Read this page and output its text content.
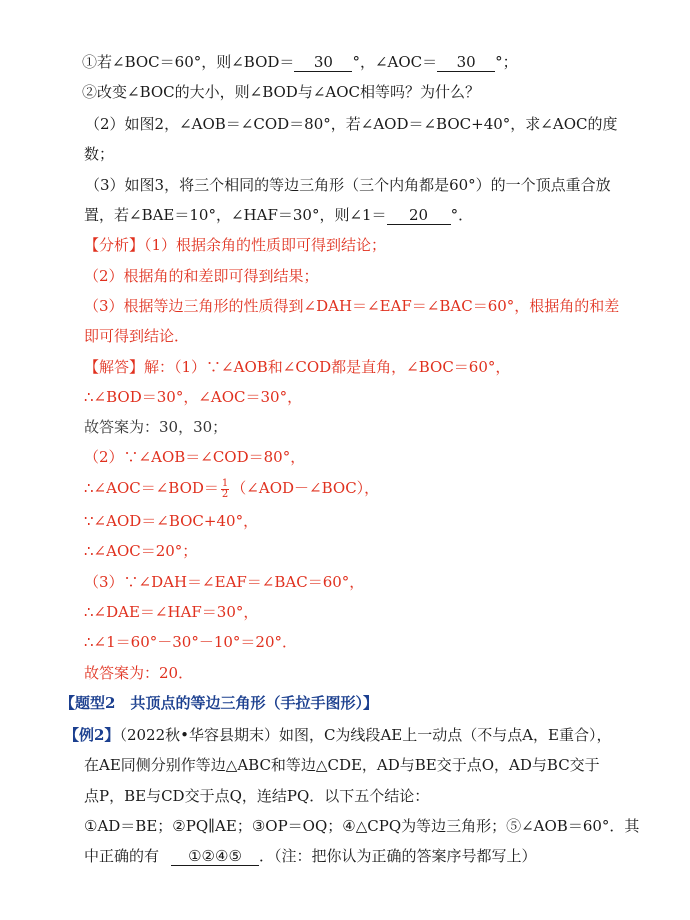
①若∠BOC＝60°，则∠BOD＝ 30 °，∠AOC＝ 30 °；
②改变∠BOC的大小，则∠BOD与∠AOC相等吗？为什么？
（2）如图2，∠AOB＝∠COD＝80°，若∠AOD＝∠BOC+40°，求∠AOC的度
数；
（3）如图3，将三个相同的等边三角形（三个内角都是60°）的一个顶点重合放
置，若∠BAE＝10°，∠HAF＝30°，则∠1＝ 20 °．
【分析】（1）根据余角的性质即可得到结论；
（2）根据角的和差即可得到结果；
（3）根据等边三角形的性质得到∠DAH＝∠EAF＝∠BAC＝60°，根据角的和差
即可得到结论．
【解答】解：（1）∵∠AOB和∠COD都是直角，∠BOC＝60°，
∴∠BOD＝30°，∠AOC＝30°，
故答案为：30，30；
（2）∵∠AOB＝∠COD＝80°，
∴∠AOC＝∠BOD＝ $\frac{1}{2}$ （∠AOD－∠BOC），
∵∠AOD＝∠BOC+40°，
∴∠AOC＝20°；
（3）∵∠DAH＝∠EAF＝∠BAC＝60°，
∴∠DAE＝∠HAF＝30°，
∴∠1＝60°－30°－10°＝20°．
故答案为：20．
【题型2　共顶点的等边三角形（手拉手图形）】
【例2】（2022秋•华容县期末）如图，C为线段AE上一动点（不与点A，E重合），
在AE同侧分别作等边△ABC和等边△CDE，AD与BE交于点O，AD与BC交于
点P，BE与CD交于点Q，连结PQ．以下五个结论：
①AD＝BE；②PQ∥AE；③OP＝OQ；④△CPQ为等边三角形；⑤∠AOB＝60°．其
中正确的有 ①②④⑤ ．（注：把你认为正确的答案序号都写上）
